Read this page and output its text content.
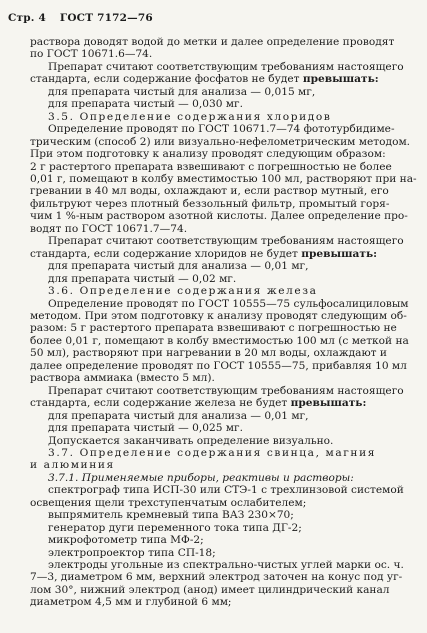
Стр. 4 ГОСТ 7172—76
раствора доводят водой до метки и далее определение проводят
по ГОСТ 10671.6—74.
Препарат считают соответствующим требованиям настоящего
стандарта, если содержание фосфатов не будет превышать:
для препарата чистый для анализа — 0,015 мг,
для препарата чистый — 0,030 мг.
3.5. Определение содержания хлоридов
Определение проводят по ГОСТ 10671.7—74 фототурбидиме-
трическим (способ 2) или визуально-нефелометрическим методом.
При этом подготовку к анализу проводят следующим образом:
2 г растертого препарата взвешивают с погрешностью не более
0,01 г, помещают в колбу вместимостью 100 мл, растворяют при на-
гревании в 40 мл воды, охлаждают и, если раствор мутный, его
фильтруют через плотный беззольный фильтр, промытый горя-
чим 1 %-ным раствором азотной кислоты. Далее определение про-
водят по ГОСТ 10671.7—74.
Препарат считают соответствующим требованиям настоящего
стандарта, если содержание хлоридов не будет превышать:
для препарата чистый для анализа — 0,01 мг,
для препарата чистый — 0,02 мг.
3.6. Определение содержания железа
Определение проводят по ГОСТ 10555—75 сульфосалициловым
методом. При этом подготовку к анализу проводят следующим об-
разом: 5 г растертого препарата взвешивают с погрешностью не
более 0,01 г, помещают в колбу вместимостью 100 мл (с меткой на
50 мл), растворяют при нагревании в 20 мл воды, охлаждают и
далее определение проводят по ГОСТ 10555—75, прибавляя 10 мл
раствора аммиака (вместо 5 мл).
Препарат считают соответствующим требованиям настоящего
стандарта, если содержание железа не будет превышать:
для препарата чистый для анализа — 0,01 мг,
для препарата чистый — 0,025 мг.
Допускается заканчивать определение визуально.
3.7. Определение содержания свинца, магния
и алюминия
3.7.1. Применяемые приборы, реактивы и растворы:
спектрограф типа ИСП-30 или СТЭ-1 с трехлинзовой системой
освещения щели трехступенчатым ослабителем;
выпрямитель кремневый типа ВАЗ 230×70;
генератор дуги переменного тока типа ДГ-2;
микрофотометр типа МФ-2;
электропроектор типа СП-18;
электроды угольные из спектрально-чистых углей марки ос. ч.
7—3, диаметром 6 мм, верхний электрод заточен на конус под уг-
лом 30°, нижний электрод (анод) имеет цилиндрический канал
диаметром 4,5 мм и глубиной 6 мм;
